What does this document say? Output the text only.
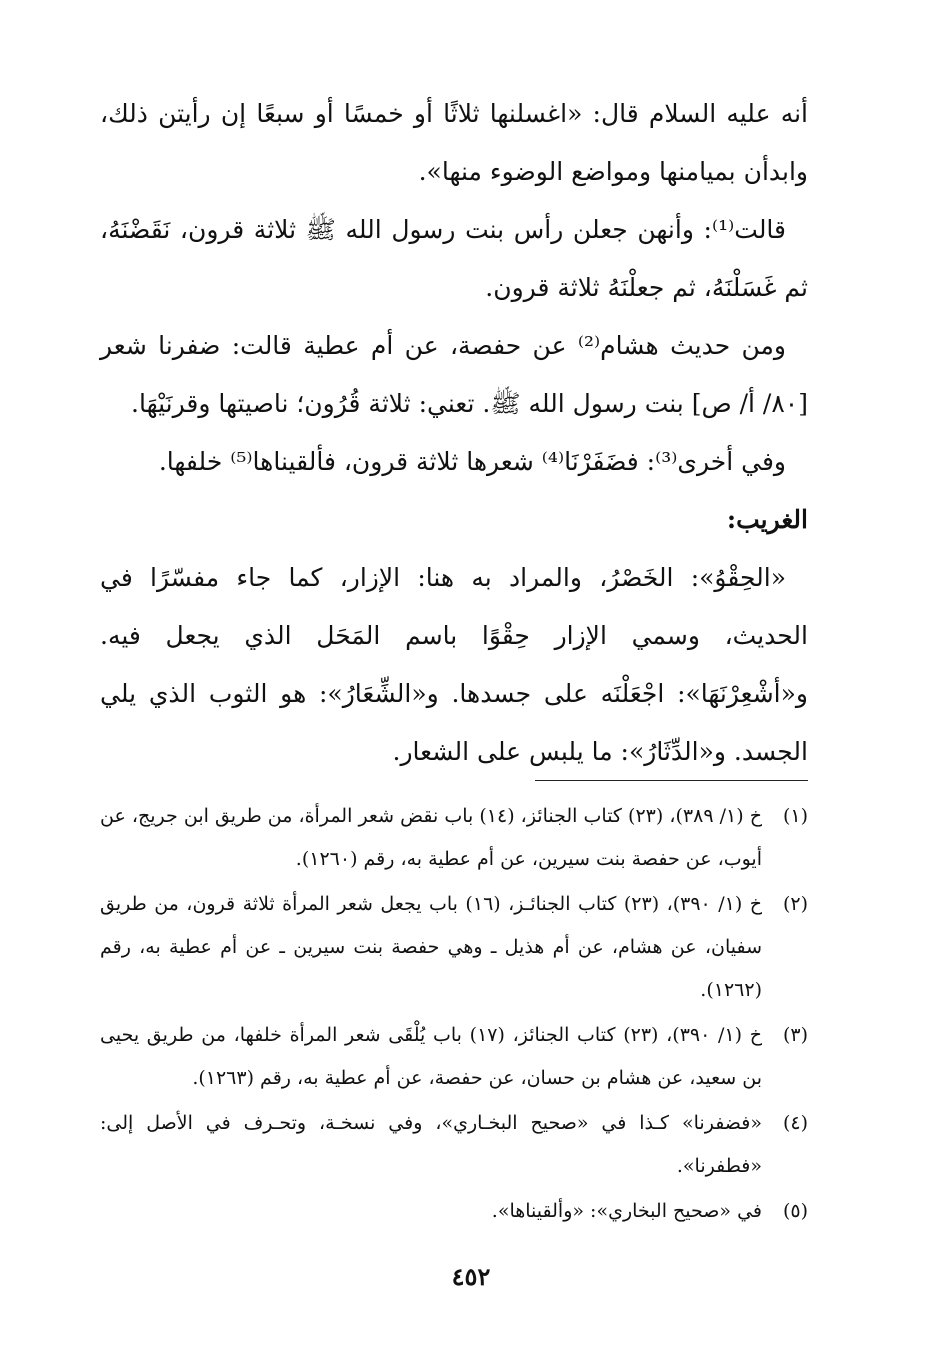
أنه عليه السلام قال: «اغسلنها ثلاثًا أو خمسًا أو سبعًا إن رأيتن ذلك، وابدأن بميامنها ومواضع الوضوء منها».

قالت⁽¹⁾: وأنهن جعلن رأس بنت رسول الله ﷺ ثلاثة قرون، نَقَضْنَهُ، ثم غَسَلْنَهُ، ثم جعلْنَهُ ثلاثة قرون.

ومن حديث هشام⁽²⁾ عن حفصة، عن أم عطية قالت: ضفرنا شعر [٨٠/ أ/ ص] بنت رسول الله ﷺ. تعني: ثلاثة قُرُون؛ ناصيتها وقرنَيْهَا.

وفي أخرى⁽³⁾: فضَفَرْنَا⁽⁴⁾ شعرها ثلاثة قرون، فألقيناها⁽⁵⁾ خلفها.

الغريب:

«الحِقْوُ»: الخَصْرُ، والمراد به هنا: الإزار، كما جاء مفسّرًا في الحديث، وسمي الإزار حِقْوًا باسم المَحَل الذي يجعل فيه. و«أشْعِرْنَهَا»: اجْعَلْنَه على جسدها. و«الشِّعَارُ»: هو الثوب الذي يلي الجسد. و«الدِّثَارُ»: ما يلبس على الشعار.

(١)
خ (١/ ٣٨٩)، (٢٣) كتاب الجنائز، (١٤) باب نقض شعر المرأة، من طريق ابن جريج، عن أيوب، عن حفصة بنت سيرين، عن أم عطية به، رقم (١٢٦٠).
(٢)
خ (١/ ٣٩٠)، (٢٣) كتاب الجنائـز، (١٦) باب يجعل شعر المرأة ثلاثة قرون، من طريق سفيان، عن هشام، عن أم هذيل ـ وهي حفصة بنت سيرين ـ عن أم عطية به، رقم (١٢٦٢).
(٣)
خ (١/ ٣٩٠)، (٢٣) كتاب الجنائز، (١٧) باب يُلْقَى شعر المرأة خلفها، من طريق يحيى بن سعيد، عن هشام بن حسان، عن حفصة، عن أم عطية به، رقم (١٢٦٣).
(٤)
«فضفرنا» كـذا في «صحيح البخـاري»، وفي نسخـة، وتحـرف في الأصل إلى: «فطفرنا».
(٥)
في «صحيح البخاري»: «وألقيناها».
٤٥٢
